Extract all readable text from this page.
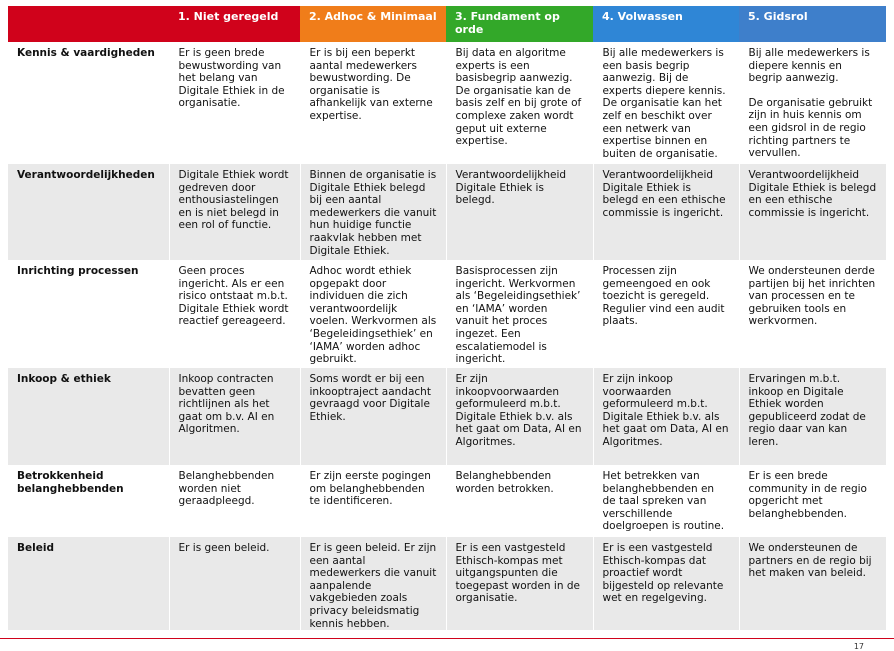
	1. Niet geregeld	2. Adhoc & Minimaal	3. Fundament op orde	4. Volwassen	5. Gidsrol
Kennis & vaardigheden	Er is geen brede bewustwording van het belang van Digitale Ethiek in de organisatie.	Er is bij een beperkt aantal medewerkers bewustwording. De organisatie is afhankelijk van externe expertise.	Bij data en algoritme experts is een basisbegrip aanwezig. De organisatie kan de basis zelf en bij grote of complexe zaken wordt geput uit externe expertise.	Bij alle medewerkers is een basis begrip aanwezig. Bij de experts diepere kennis. De organisatie kan het zelf en beschikt over een netwerk van expertise binnen en buiten de organisatie.	Bij alle medewerkers is diepere kennis en begrip aanwezig.
De organisatie gebruikt zijn in huis kennis om een gidsrol in de regio richting partners te vervullen.
Verantwoordelijkheden	Digitale Ethiek wordt gedreven door enthousiastelingen en is niet belegd in een rol of functie.	Binnen de organisatie is Digitale Ethiek belegd bij een aantal medewerkers die vanuit hun huidige functie raakvlak hebben met Digitale Ethiek.	Verantwoordelijkheid Digitale Ethiek is belegd.	Verantwoordelijkheid Digitale Ethiek is belegd en een ethische commissie is ingericht.	Verantwoordelijkheid Digitale Ethiek is belegd en een ethische commissie is ingericht.
Inrichting processen	Geen proces ingericht. Als er een risico ontstaat m.b.t. Digitale Ethiek wordt reactief gereageerd.	Adhoc wordt ethiek opgepakt door individuen die zich verantwoordelijk voelen. Werkvormen als ‘Begeleidingsethiek’ en ‘IAMA’ worden adhoc gebruikt.	Basisprocessen zijn ingericht. Werkvormen als ‘Begeleidingsethiek’ en ‘IAMA’ worden vanuit het proces ingezet. Een escalatiemodel is ingericht.	Processen zijn gemeengoed en ook toezicht is geregeld. Regulier vind een audit plaats.	We ondersteunen derde partijen bij het inrichten van processen en te gebruiken tools en werkvormen.
Inkoop & ethiek	Inkoop contracten bevatten geen richtlijnen als het gaat om b.v. AI en Algoritmen.	Soms wordt er bij een inkooptraject aandacht gevraagd voor Digitale Ethiek.	Er zijn inkoopvoorwaarden geformuleerd m.b.t. Digitale Ethiek b.v. als het gaat om Data, AI en Algoritmes.	Er zijn inkoop voorwaarden geformuleerd m.b.t. Digitale Ethiek b.v. als het gaat om Data, AI en Algoritmes.	Ervaringen m.b.t. inkoop en Digitale Ethiek worden gepubliceerd zodat de regio daar van kan leren.
Betrokkenheid belanghebbenden	Belanghebbenden worden niet geraadpleegd.	Er zijn eerste pogingen om belanghebbenden te identificeren.	Belanghebbenden worden betrokken.	Het betrekken van belanghebbenden en de taal spreken van verschillende doelgroepen is routine.	Er is een brede community in de regio opgericht met belanghebbenden.
Beleid	Er is geen beleid.	Er is geen beleid. Er zijn een aantal medewerkers die vanuit aanpalende vakgebieden zoals privacy beleidsmatig kennis hebben.	Er is een vastgesteld Ethisch-kompas met uitgangspunten die toegepast worden in de organisatie.	Er is een vastgesteld Ethisch-kompas dat proactief wordt bijgesteld op relevante wet en regelgeving.	We ondersteunen de partners en de regio bij het maken van beleid.
17
